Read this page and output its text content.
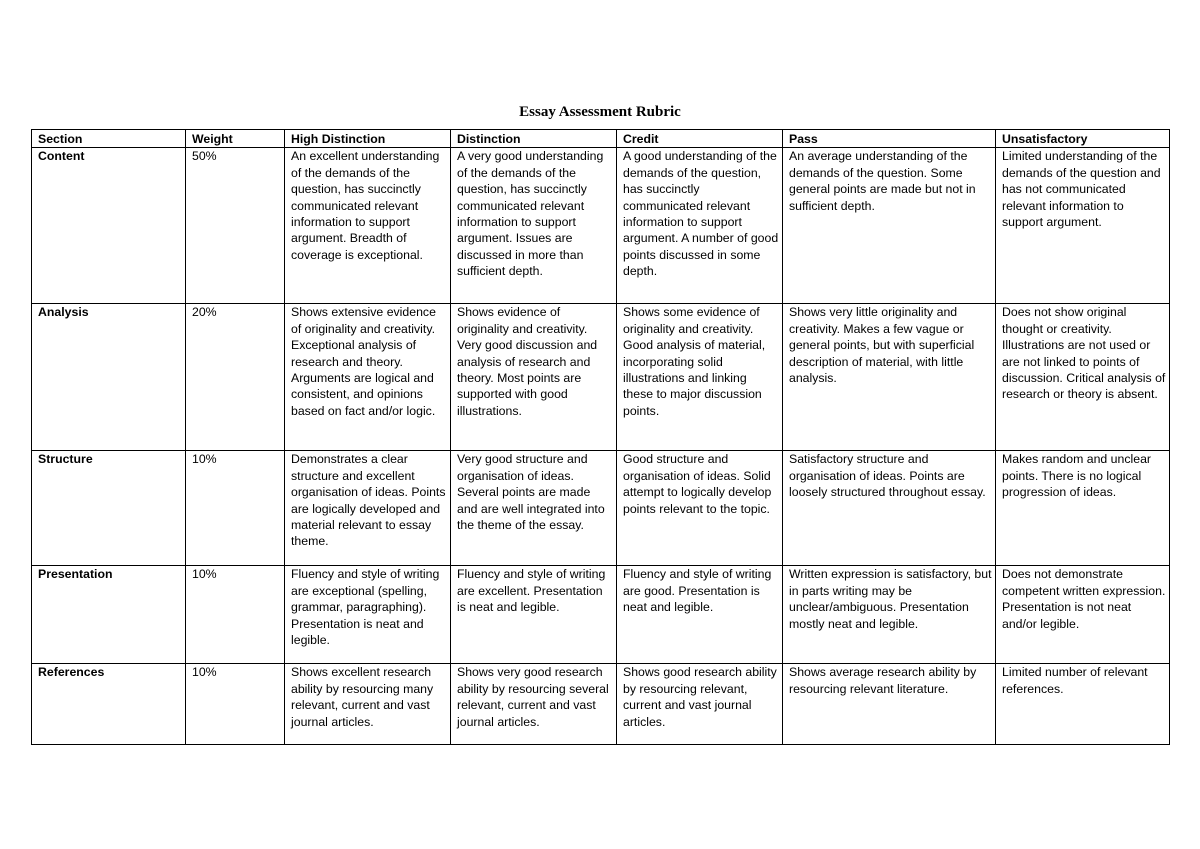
Essay Assessment Rubric
Section	Weight	High Distinction	Distinction	Credit	Pass	Unsatisfactory
Content	50%	An excellent understanding of the demands of the question, has succinctly communicated relevant information to support argument. Breadth of coverage is exceptional.	A very good understanding of the demands of the question, has succinctly communicated relevant information to support argument. Issues are discussed in more than sufficient depth.	A good understanding of the demands of the question, has succinctly communicated relevant information to support argument. A number of good points discussed in some depth.	An average understanding of the demands of the question. Some general points are made but not in sufficient depth.	Limited understanding of the demands of the question and has not communicated relevant information to support argument.
Analysis	20%	Shows extensive evidence of originality and creativity. Exceptional analysis of research and theory. Arguments are logical and consistent, and opinions based on fact and/or logic.	Shows evidence of originality and creativity. Very good discussion and analysis of research and theory. Most points are supported with good illustrations.	Shows some evidence of originality and creativity. Good analysis of material, incorporating solid illustrations and linking these to major discussion points.	Shows very little originality and creativity. Makes a few vague or general points, but with superficial description of material, with little analysis.	Does not show original thought or creativity. Illustrations are not used or are not linked to points of discussion. Critical analysis of research or theory is absent.
Structure	10%	Demonstrates a clear structure and excellent organisation of ideas. Points are logically developed and material relevant to essay theme.	Very good structure and organisation of ideas. Several points are made and are well integrated into the theme of the essay.	Good structure and organisation of ideas. Solid attempt to logically develop points relevant to the topic.	Satisfactory structure and organisation of ideas. Points are loosely structured throughout essay.	Makes random and unclear points. There is no logical progression of ideas.
Presentation	10%	Fluency and style of writing are exceptional (spelling, grammar, paragraphing). Presentation is neat and legible.	Fluency and style of writing are excellent. Presentation is neat and legible.	Fluency and style of writing are good. Presentation is neat and legible.	Written expression is satisfactory, but in parts writing may be unclear/ambiguous. Presentation mostly neat and legible.	Does not demonstrate competent written expression. Presentation is not neat and/or legible.
References	10%	Shows excellent research ability by resourcing many relevant, current and vast journal articles.	Shows very good research ability by resourcing several relevant, current and vast journal articles.	Shows good research ability by resourcing relevant, current and vast journal articles.	Shows average research ability by resourcing relevant literature.	Limited number of relevant references.
